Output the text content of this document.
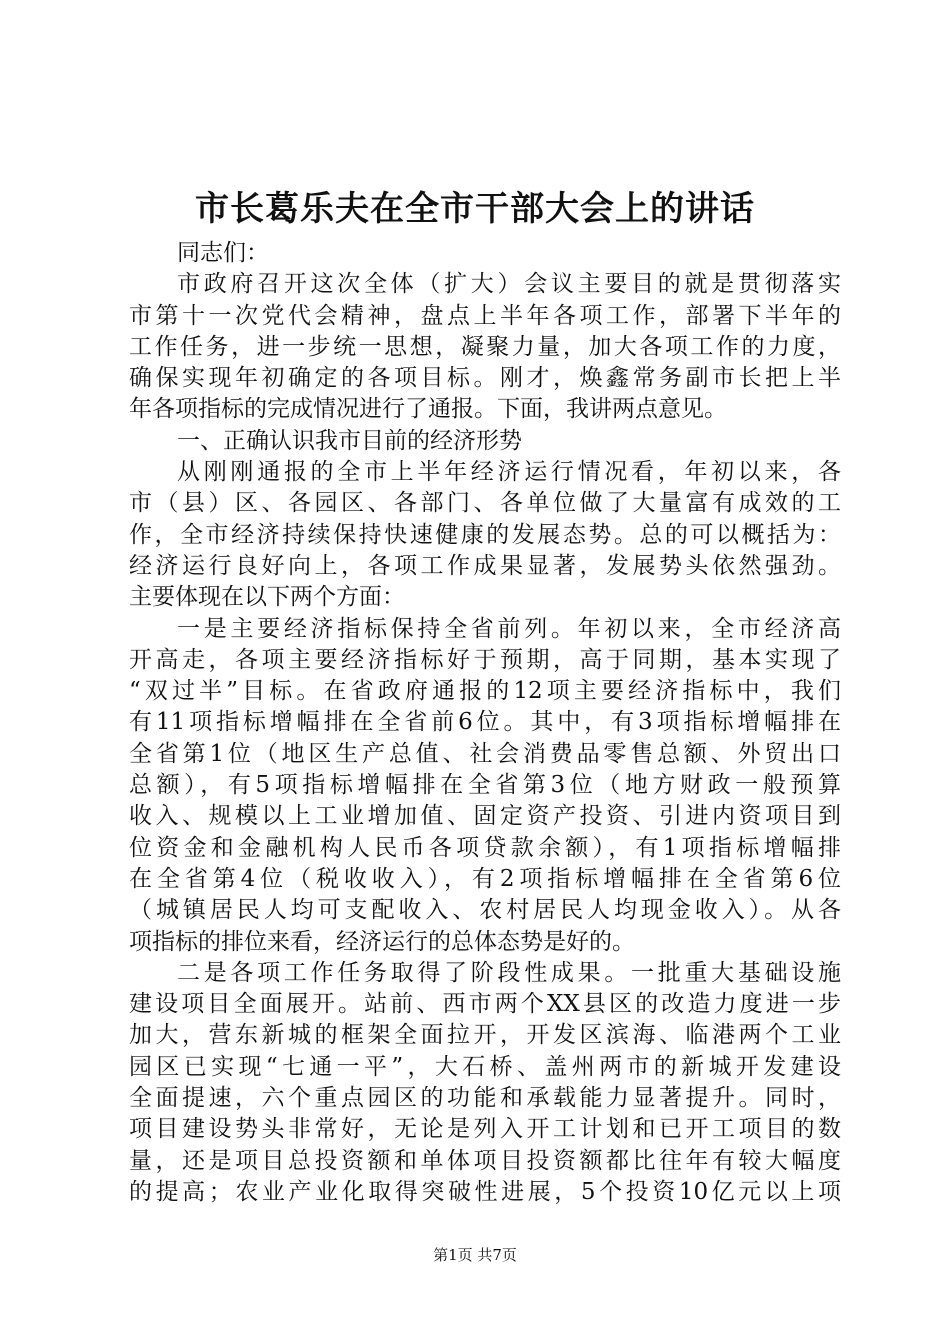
市长葛乐夫在全市干部大会上的讲话
同志们：
市政府召开这次全体（扩大）会议主要目的就是贯彻落实
市第十一次党代会精神，盘点上半年各项工作，部署下半年的
工作任务，进一步统一思想，凝聚力量，加大各项工作的力度，
确保实现年初确定的各项目标。刚才，焕鑫常务副市长把上半
年各项指标的完成情况进行了通报。下面，我讲两点意见。
一、正确认识我市目前的经济形势
从刚刚通报的全市上半年经济运行情况看，年初以来，各
市（县）区、各园区、各部门、各单位做了大量富有成效的工
作，全市经济持续保持快速健康的发展态势。总的可以概括为：
经济运行良好向上，各项工作成果显著，发展势头依然强劲。
主要体现在以下两个方面：
一是主要经济指标保持全省前列。年初以来，全市经济高
开高走，各项主要经济指标好于预期，高于同期，基本实现了
“双过半”目标。在省政府通报的12项主要经济指标中，我们
有11项指标增幅排在全省前6位。其中，有3项指标增幅排在
全省第1位（地区生产总值、社会消费品零售总额、外贸出口
总额），有5项指标增幅排在全省第3位（地方财政一般预算
收入、规模以上工业增加值、固定资产投资、引进内资项目到
位资金和金融机构人民币各项贷款余额），有1项指标增幅排
在全省第4位（税收收入），有2项指标增幅排在全省第6位
（城镇居民人均可支配收入、农村居民人均现金收入）。从各
项指标的排位来看，经济运行的总体态势是好的。
二是各项工作任务取得了阶段性成果。一批重大基础设施
建设项目全面展开。站前、西市两个XX县区的改造力度进一步
加大，营东新城的框架全面拉开，开发区滨海、临港两个工业
园区已实现“七通一平”，大石桥、盖州两市的新城开发建设
全面提速，六个重点园区的功能和承载能力显著提升。同时，
项目建设势头非常好，无论是列入开工计划和已开工项目的数
量，还是项目总投资额和单体项目投资额都比往年有较大幅度
的提高；农业产业化取得突破性进展，5个投资10亿元以上项
第1页 共7页
